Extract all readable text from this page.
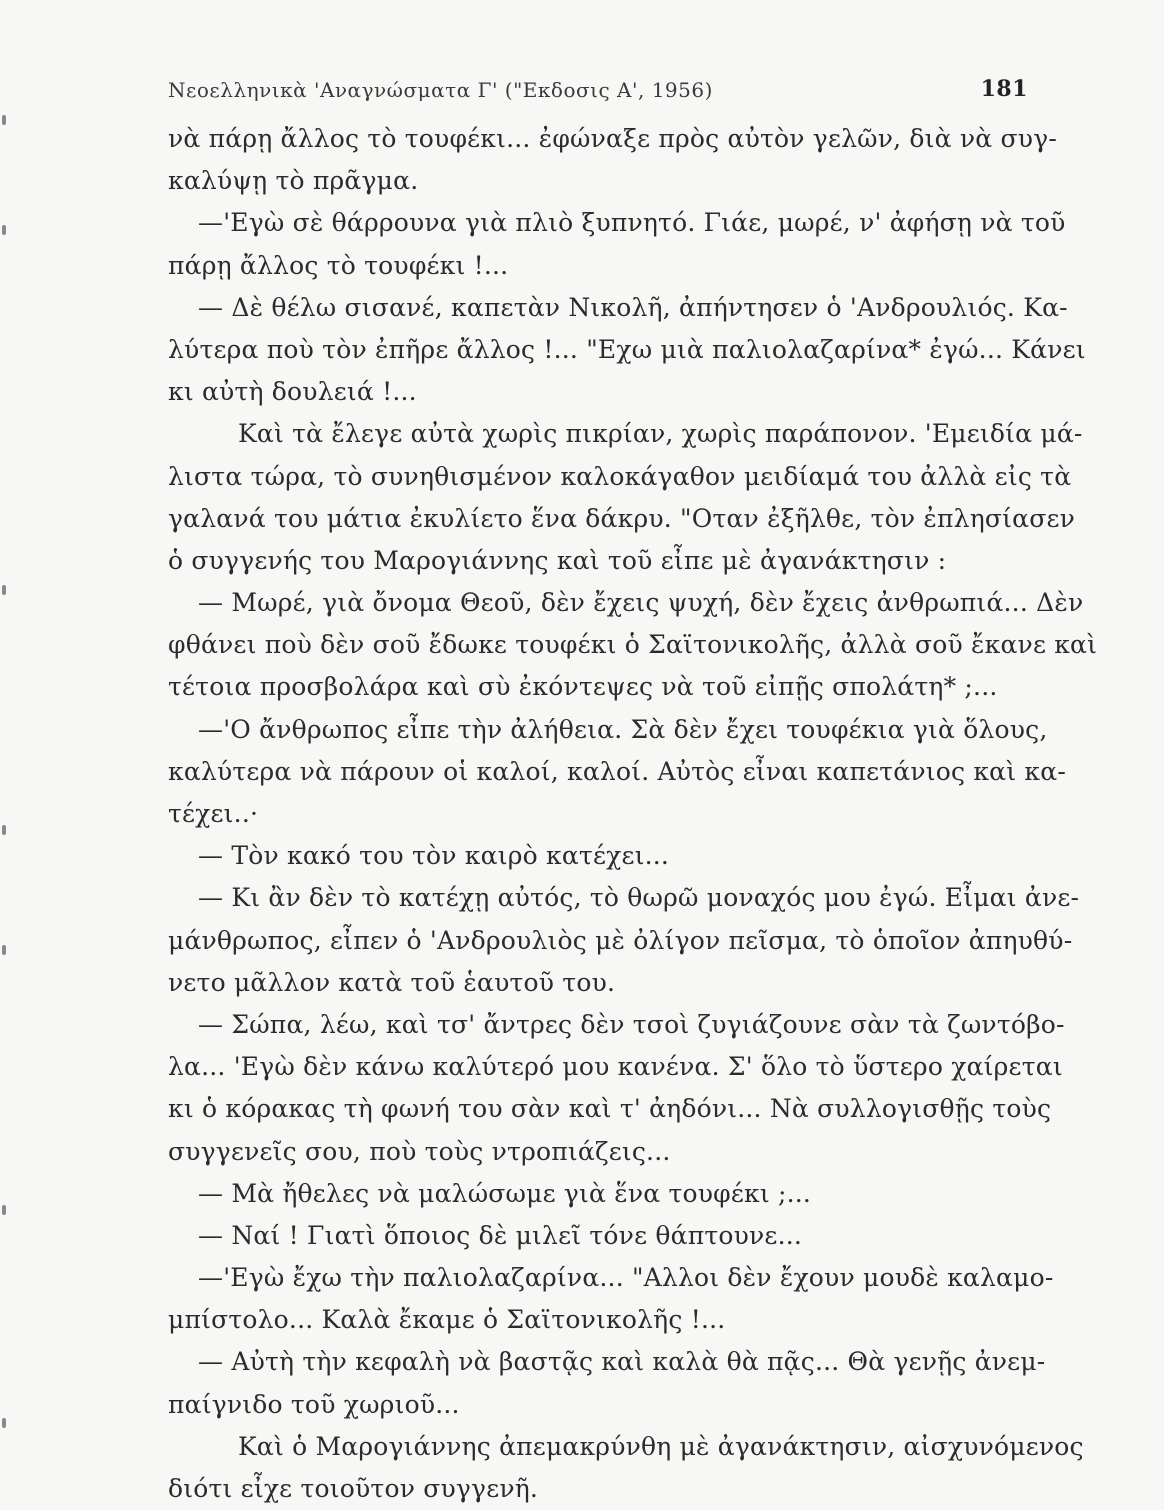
Νεοελληνικὰ 'Αναγνώσματα Γ' ("Εκδοσις Α', 1956)	181
νὰ πάρῃ ἄλλος τὸ τουφέκι... ἐφώναξε πρὸς αὐτὸν γελῶν, διὰ νὰ συγ-
καλύψῃ τὸ πρᾶγμα.
—'Εγὼ σὲ θάρρουνα γιὰ πλιὸ ξυπνητό. Γιάε, μωρέ, ν' ἀφήσῃ νὰ τοῦ
πάρῃ ἄλλος τὸ τουφέκι !...
— Δὲ θέλω σισανέ, καπετὰν Νικολῆ, ἀπήντησεν ὁ 'Ανδρουλιός. Κα-
λύτερα ποὺ τὸν ἐπῆρε ἄλλος !... "Εχω μιὰ παλιολαζαρίνα* ἐγώ... Κάνει
κι αὐτὴ δουλειά !...
Καὶ τὰ ἔλεγε αὐτὰ χωρὶς πικρίαν, χωρὶς παράπονον. 'Εμειδία μά-
λιστα τώρα, τὸ συνηθισμένον καλοκάγαθον μειδίαμά του ἀλλὰ εἰς τὰ
γαλανά του μάτια ἐκυλίετο ἕνα δάκρυ. "Οταν ἐξῆλθε, τὸν ἐπλησίασεν
ὁ συγγενής του Μαρογιάννης καὶ τοῦ εἶπε μὲ ἀγανάκτησιν :
— Μωρέ, γιὰ ὄνομα Θεοῦ, δὲν ἔχεις ψυχή, δὲν ἔχεις ἀνθρωπιά... Δὲν
φθάνει ποὺ δὲν σοῦ ἔδωκε τουφέκι ὁ Σαϊτονικολῆς, ἀλλὰ σοῦ ἔκανε καὶ
τέτοια προσβολάρα καὶ σὺ ἐκόντεψες νὰ τοῦ εἰπῇς σπολάτη* ;...
—'Ο ἄνθρωπος εἶπε τὴν ἀλήθεια. Σὰ δὲν ἔχει τουφέκια γιὰ ὅλους,
καλύτερα νὰ πάρουν οἱ καλοί, καλοί. Αὐτὸς εἶναι καπετάνιος καὶ κα-
τέχει..·
— Τὸν κακό του τὸν καιρὸ κατέχει...
— Κι ἂν δὲν τὸ κατέχῃ αὐτός, τὸ θωρῶ μοναχός μου ἐγώ. Εἶμαι ἀνε-
μάνθρωπος, εἶπεν ὁ 'Ανδρουλιὸς μὲ ὀλίγον πεῖσμα, τὸ ὁποῖον ἀπηυθύ-
νετο μᾶλλον κατὰ τοῦ ἑαυτοῦ του.
— Σώπα, λέω, καὶ τσ' ἄντρες δὲν τσοὶ ζυγιάζουνε σὰν τὰ ζωντόβο-
λα... 'Εγὼ δὲν κάνω καλύτερό μου κανένα. Σ' ὅλο τὸ ὕστερο χαίρεται
κι ὁ κόρακας τὴ φωνή του σὰν καὶ τ' ἀηδόνι... Νὰ συλλογισθῇς τοὺς
συγγενεῖς σου, ποὺ τοὺς ντροπιάζεις...
— Μὰ ἤθελες νὰ μαλώσωμε γιὰ ἕνα τουφέκι ;...
— Ναί ! Γιατὶ ὅποιος δὲ μιλεῖ τόνε θάπτουνε...
—'Εγὼ ἔχω τὴν παλιολαζαρίνα... "Αλλοι δὲν ἔχουν μουδὲ καλαμο-
μπίστολο... Καλὰ ἔκαμε ὁ Σαϊτονικολῆς !...
— Αὐτὴ τὴν κεφαλὴ νὰ βαστᾷς καὶ καλὰ θὰ πᾷς... Θὰ γενῇς ἀνεμ-
παίγνιδο τοῦ χωριοῦ...
Καὶ ὁ Μαρογιάννης ἀπεμακρύνθη μὲ ἀγανάκτησιν, αἰσχυνόμενος
διότι εἶχε τοιοῦτον συγγενῆ.
